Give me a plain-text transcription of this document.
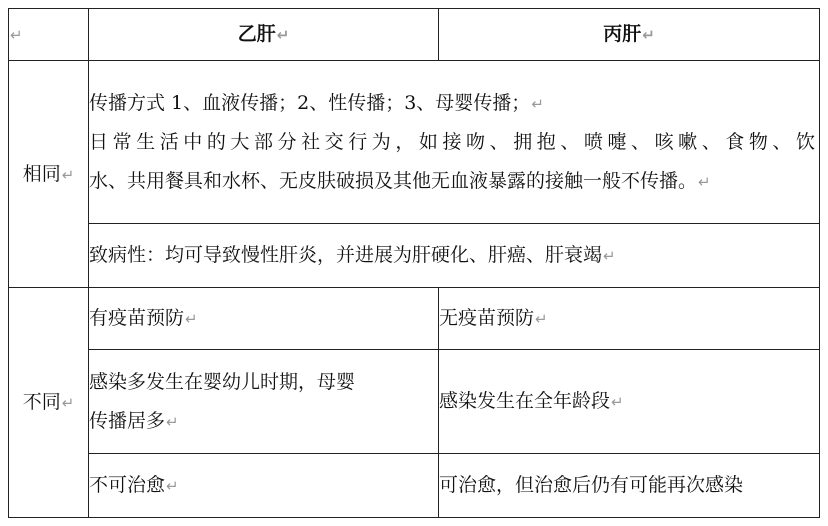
↵	乙肝↵	丙肝↵
相同↵	传播方式 1、血液传播；2、性传播；3、母婴传播；↵
日常生活中的大部分社交行为，如接吻、拥抱、喷嚏、咳嗽、食物、饮
水、共用餐具和水杯、无皮肤破损及其他无血液暴露的接触一般不传播。↵	

	致病性：均可导致慢性肝炎，并进展为肝硬化、肝癌、肝衰竭↵	
不同↵	有疫苗预防↵	无疫苗预防↵

	感染多发生在婴幼儿时期，母婴
传播居多↵	感染发生在全年龄段↵
	不可治愈↵	可治愈，但治愈后仍有可能再次感染
